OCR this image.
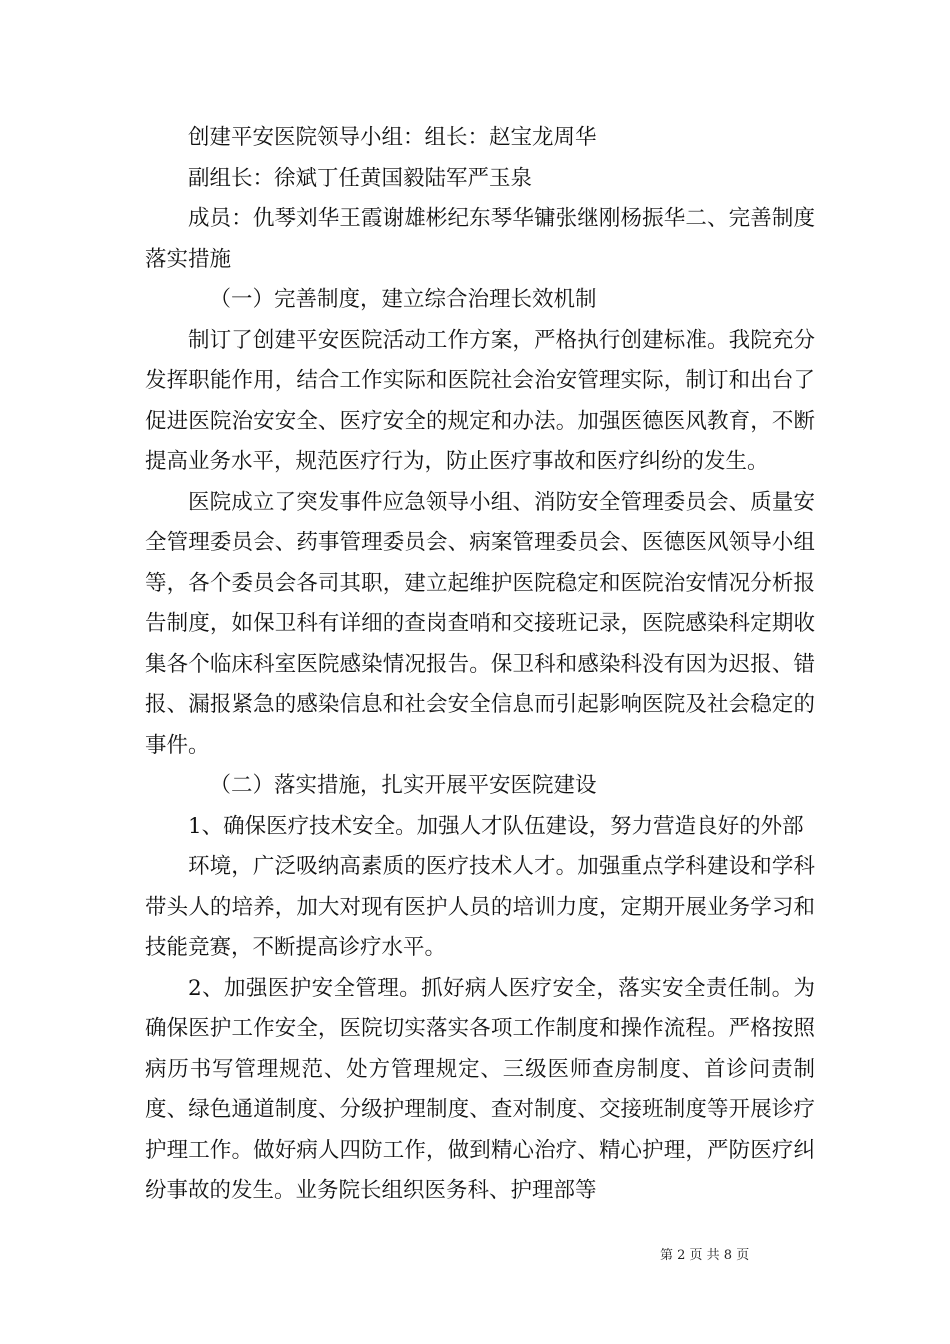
创建平安医院领导小组：组长：赵宝龙周华

副组长：徐斌丁任黄国毅陆军严玉泉

成员：仇琴刘华王霞谢雄彬纪东琴华镛张继刚杨振华二、完善制度落实措施

（一）完善制度，建立综合治理长效机制

制订了创建平安医院活动工作方案，严格执行创建标准。我院充分发挥职能作用，结合工作实际和医院社会治安管理实际，制订和出台了促进医院治安安全、医疗安全的规定和办法。加强医德医风教育，不断提高业务水平，规范医疗行为，防止医疗事故和医疗纠纷的发生。

医院成立了突发事件应急领导小组、消防安全管理委员会、质量安全管理委员会、药事管理委员会、病案管理委员会、医德医风领导小组等，各个委员会各司其职，建立起维护医院稳定和医院治安情况分析报告制度，如保卫科有详细的查岗查哨和交接班记录，医院感染科定期收集各个临床科室医院感染情况报告。保卫科和感染科没有因为迟报、错报、漏报紧急的感染信息和社会安全信息而引起影响医院及社会稳定的事件。

（二）落实措施，扎实开展平安医院建设

1、确保医疗技术安全。加强人才队伍建设，努力营造良好的外部

环境，广泛吸纳高素质的医疗技术人才。加强重点学科建设和学科带头人的培养，加大对现有医护人员的培训力度，定期开展业务学习和技能竞赛，不断提高诊疗水平。

2、加强医护安全管理。抓好病人医疗安全，落实安全责任制。为确保医护工作安全，医院切实落实各项工作制度和操作流程。严格按照病历书写管理规范、处方管理规定、三级医师查房制度、首诊问责制度、绿色通道制度、分级护理制度、查对制度、交接班制度等开展诊疗护理工作。做好病人四防工作，做到精心治疗、精心护理，严防医疗纠纷事故的发生。业务院长组织医务科、护理部等

第 2 页 共 8 页
